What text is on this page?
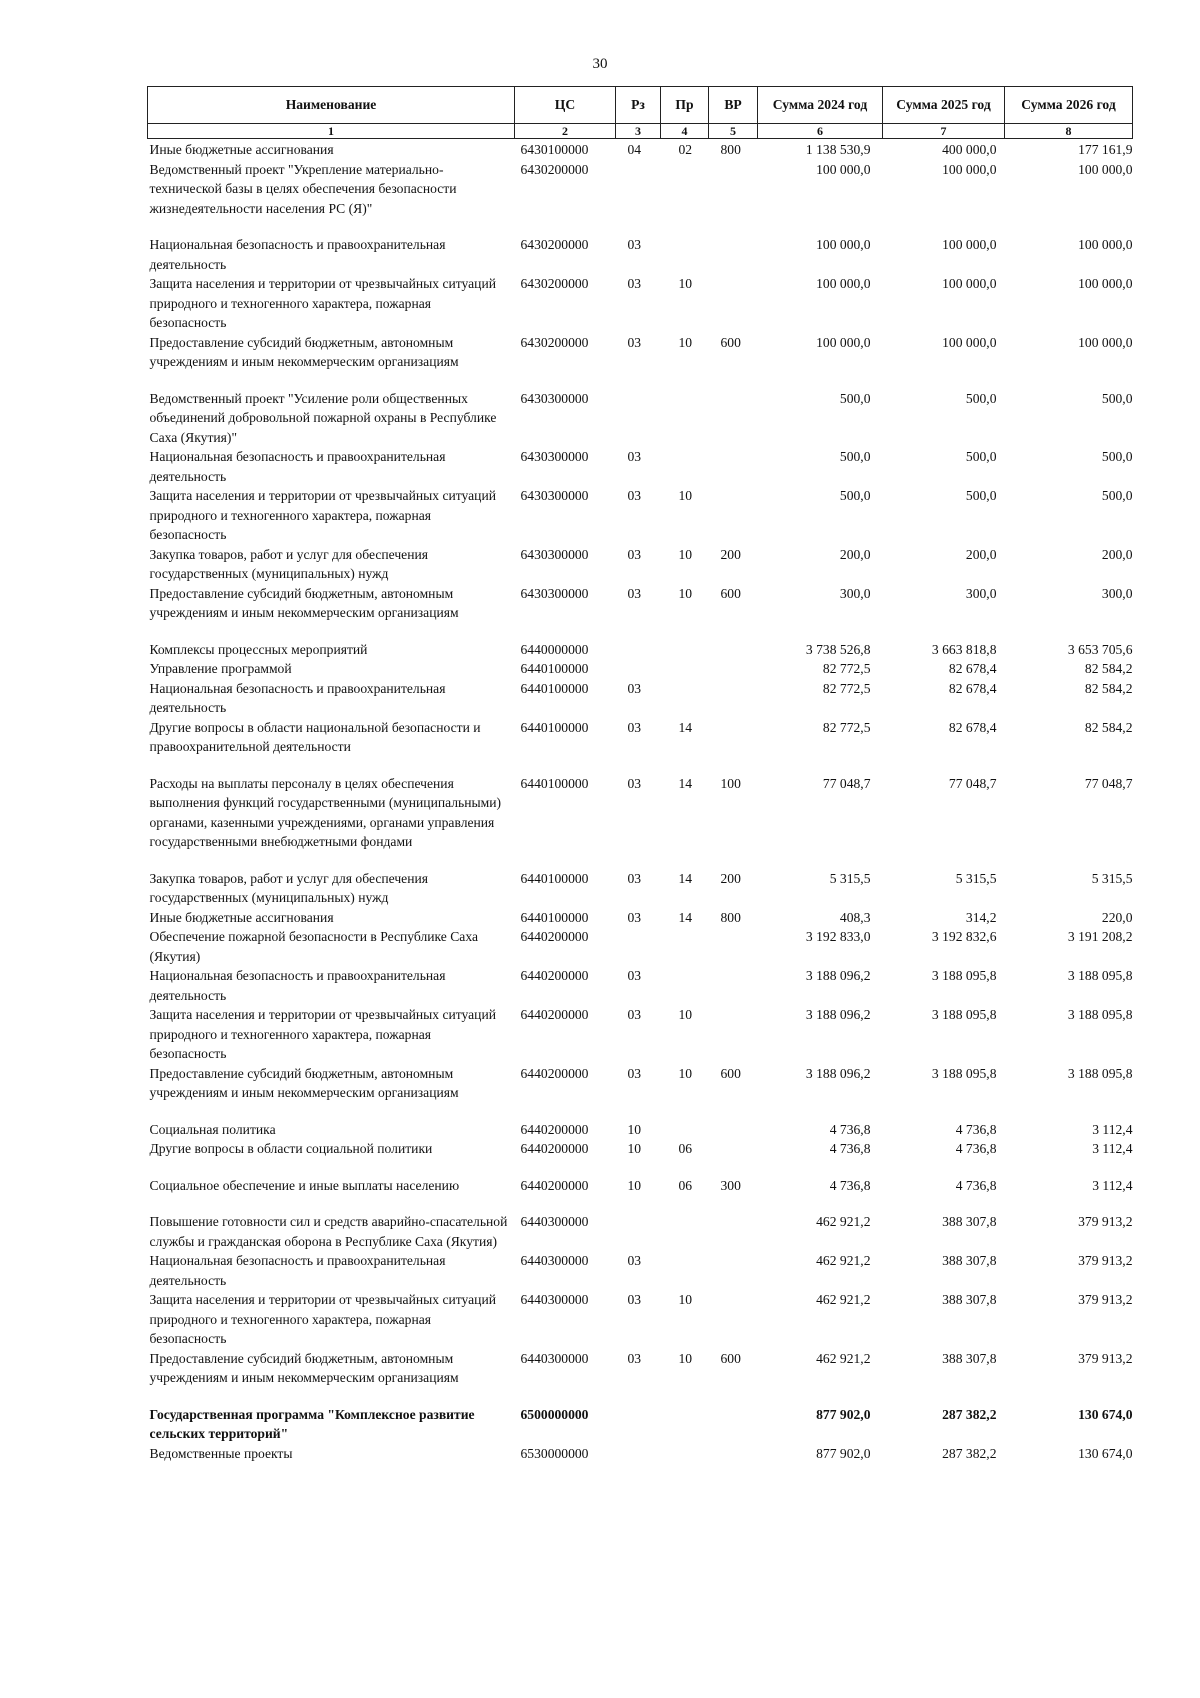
30
Наименование	ЦС	Рз	Пр	ВР	Сумма 2024 год	Сумма 2025 год	Сумма 2026 год
1	2	3	4	5	6	7	8
Иные бюджетные ассигнования	6430100000	04	02	800	1 138 530,9	400 000,0	177 161,9
Ведомственный проект "Укрепление материально-технической базы в целях обеспечения безопасности жизнедеятельности населения РС (Я)"	6430200000				100 000,0	100 000,0	100 000,0
Национальная безопасность и правоохранительная деятельность	6430200000	03			100 000,0	100 000,0	100 000,0
Защита населения и территории от чрезвычайных ситуаций природного и техногенного характера, пожарная безопасность	6430200000	03	10		100 000,0	100 000,0	100 000,0
Предоставление субсидий бюджетным, автономным учреждениям и иным некоммерческим организациям	6430200000	03	10	600	100 000,0	100 000,0	100 000,0
Ведомственный проект "Усиление роли общественных объединений добровольной пожарной охраны в Республике Саха (Якутия)"	6430300000				500,0	500,0	500,0
Национальная безопасность и правоохранительная деятельность	6430300000	03			500,0	500,0	500,0
Защита населения и территории от чрезвычайных ситуаций природного и техногенного характера, пожарная безопасность	6430300000	03	10		500,0	500,0	500,0
Закупка товаров, работ и услуг для обеспечения государственных (муниципальных) нужд	6430300000	03	10	200	200,0	200,0	200,0
Предоставление субсидий бюджетным, автономным учреждениям и иным некоммерческим организациям	6430300000	03	10	600	300,0	300,0	300,0
Комплексы процессных мероприятий	6440000000				3 738 526,8	3 663 818,8	3 653 705,6
Управление программой	6440100000				82 772,5	82 678,4	82 584,2
Национальная безопасность и правоохранительная деятельность	6440100000	03			82 772,5	82 678,4	82 584,2
Другие вопросы в области национальной безопасности и правоохранительной деятельности	6440100000	03	14		82 772,5	82 678,4	82 584,2
Расходы на выплаты персоналу в целях обеспечения выполнения функций государственными (муниципальными) органами, казенными учреждениями, органами управления государственными внебюджетными фондами	6440100000	03	14	100	77 048,7	77 048,7	77 048,7
Закупка товаров, работ и услуг для обеспечения государственных (муниципальных) нужд	6440100000	03	14	200	5 315,5	5 315,5	5 315,5
Иные бюджетные ассигнования	6440100000	03	14	800	408,3	314,2	220,0
Обеспечение пожарной безопасности в Республике Саха (Якутия)	6440200000				3 192 833,0	3 192 832,6	3 191 208,2
Национальная безопасность и правоохранительная деятельность	6440200000	03			3 188 096,2	3 188 095,8	3 188 095,8
Защита населения и территории от чрезвычайных ситуаций природного и техногенного характера, пожарная безопасность	6440200000	03	10		3 188 096,2	3 188 095,8	3 188 095,8
Предоставление субсидий бюджетным, автономным учреждениям и иным некоммерческим организациям	6440200000	03	10	600	3 188 096,2	3 188 095,8	3 188 095,8
Социальная политика	6440200000	10			4 736,8	4 736,8	3 112,4
Другие вопросы в области социальной политики	6440200000	10	06		4 736,8	4 736,8	3 112,4
Социальное обеспечение и иные выплаты населению	6440200000	10	06	300	4 736,8	4 736,8	3 112,4
Повышение готовности сил и средств аварийно-спасательной службы и гражданская оборона в Республике Саха (Якутия)	6440300000				462 921,2	388 307,8	379 913,2
Национальная безопасность и правоохранительная деятельность	6440300000	03			462 921,2	388 307,8	379 913,2
Защита населения и территории от чрезвычайных ситуаций природного и техногенного характера, пожарная безопасность	6440300000	03	10		462 921,2	388 307,8	379 913,2
Предоставление субсидий бюджетным, автономным учреждениям и иным некоммерческим организациям	6440300000	03	10	600	462 921,2	388 307,8	379 913,2
Государственная программа "Комплексное развитие сельских территорий"	6500000000				877 902,0	287 382,2	130 674,0
Ведомственные проекты	6530000000				877 902,0	287 382,2	130 674,0
